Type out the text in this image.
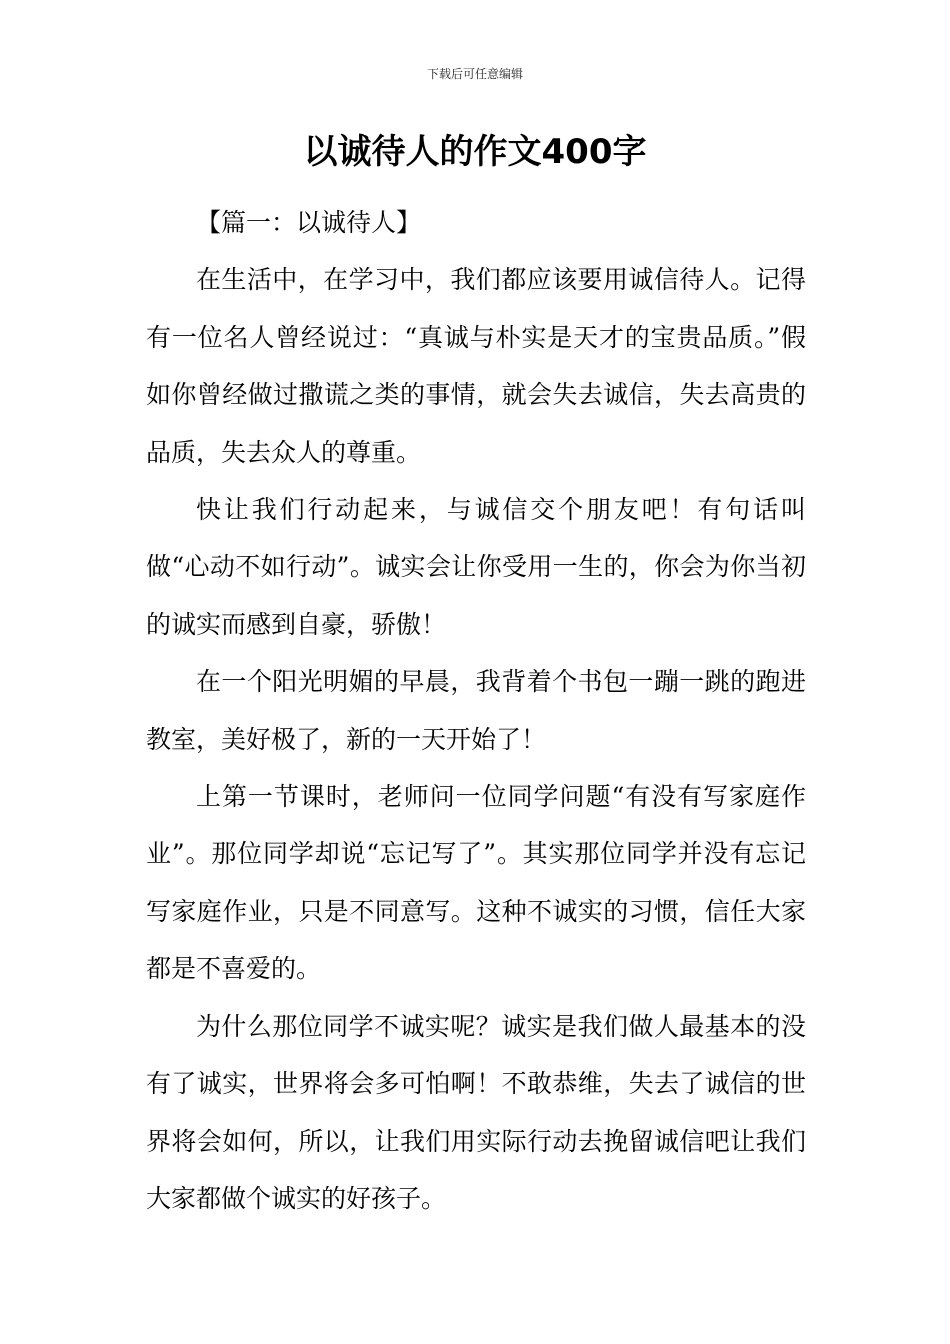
下载后可任意编辑
以诚待人的作文400字

【篇一：以诚待人】

在生活中，在学习中，我们都应该要用诚信待人。记得有一位名人曾经说过：“真诚与朴实是天才的宝贵品质。”假如你曾经做过撒谎之类的事情，就会失去诚信，失去高贵的品质，失去众人的尊重。

快让我们行动起来，与诚信交个朋友吧！有句话叫做“心动不如行动”。诚实会让你受用一生的，你会为你当初的诚实而感到自豪，骄傲！

在一个阳光明媚的早晨，我背着个书包一蹦一跳的跑进教室，美好极了，新的一天开始了！

上第一节课时，老师问一位同学问题“有没有写家庭作业”。那位同学却说“忘记写了”。其实那位同学并没有忘记写家庭作业，只是不同意写。这种不诚实的习惯，信任大家都是不喜爱的。

为什么那位同学不诚实呢？诚实是我们做人最基本的没有了诚实，世界将会多可怕啊！不敢恭维，失去了诚信的世界将会如何，所以，让我们用实际行动去挽留诚信吧让我们大家都做个诚实的好孩子。
